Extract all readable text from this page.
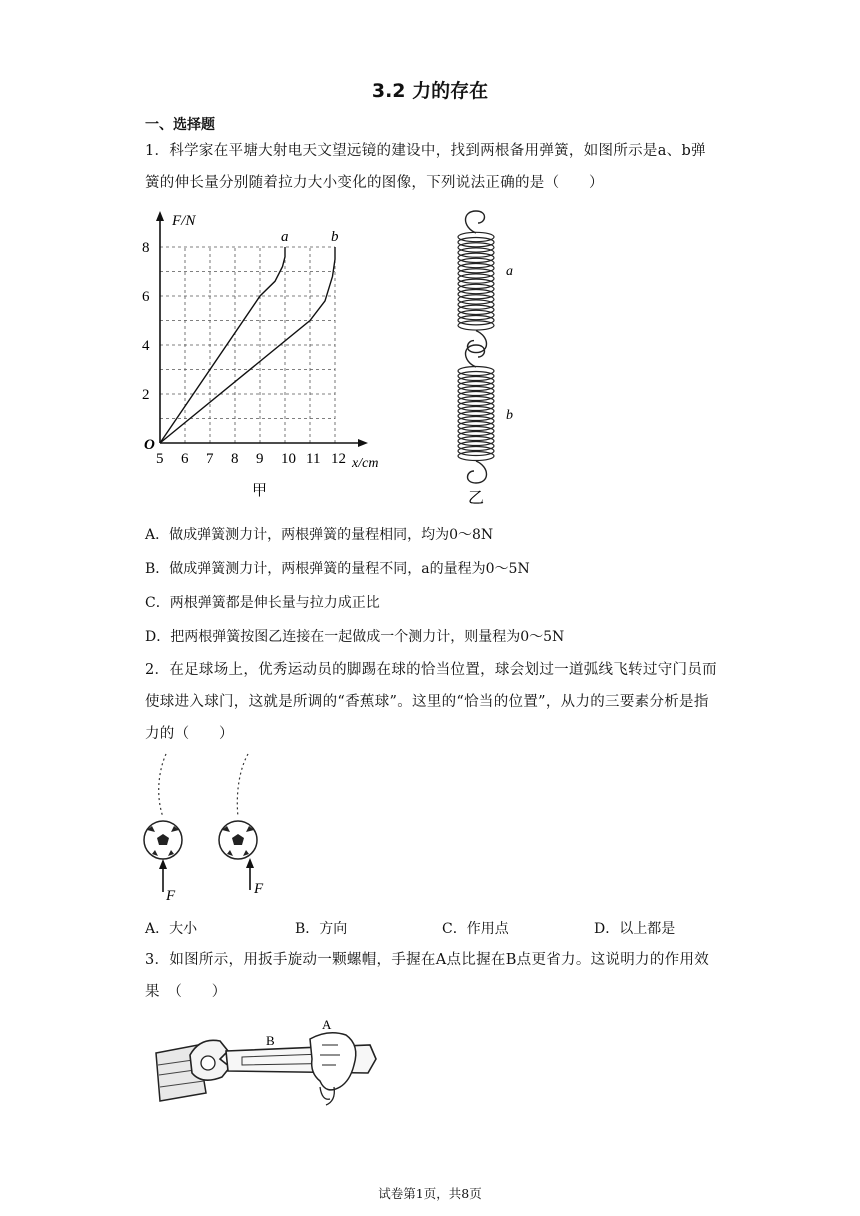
3.2 力的存在
一、选择题
1．科学家在平塘大射电天文望远镜的建设中，找到两根备用弹簧，如图所示是a、b弹簧的伸长量分别随着拉力大小变化的图像，下列说法正确的是（　　）
F/N
x/cm
O
5 6 7 8 9 10 11 12
2
4
6
8
a	b
甲
a
b
乙
A．做成弹簧测力计，两根弹簧的量程相同，均为0～8N
B．做成弹簧测力计，两根弹簧的量程不同，a的量程为0～5N
C．两根弹簧都是伸长量与拉力成正比
D．把两根弹簧按图乙连接在一起做成一个测力计，则量程为0～5N
2．在足球场上，优秀运动员的脚踢在球的恰当位置，球会划过一道弧线飞转过守门员而使球进入球门，这就是所调的“香蕉球”。这里的“恰当的位置”，从力的三要素分析是指力的（　　）
F	F
A．大小	B．方向	C．作用点	D．以上都是
3．如图所示，用扳手旋动一颗螺帽，手握在A点比握在B点更省力。这说明力的作用效果　（　　）
B
A
试卷第1页，共8页
